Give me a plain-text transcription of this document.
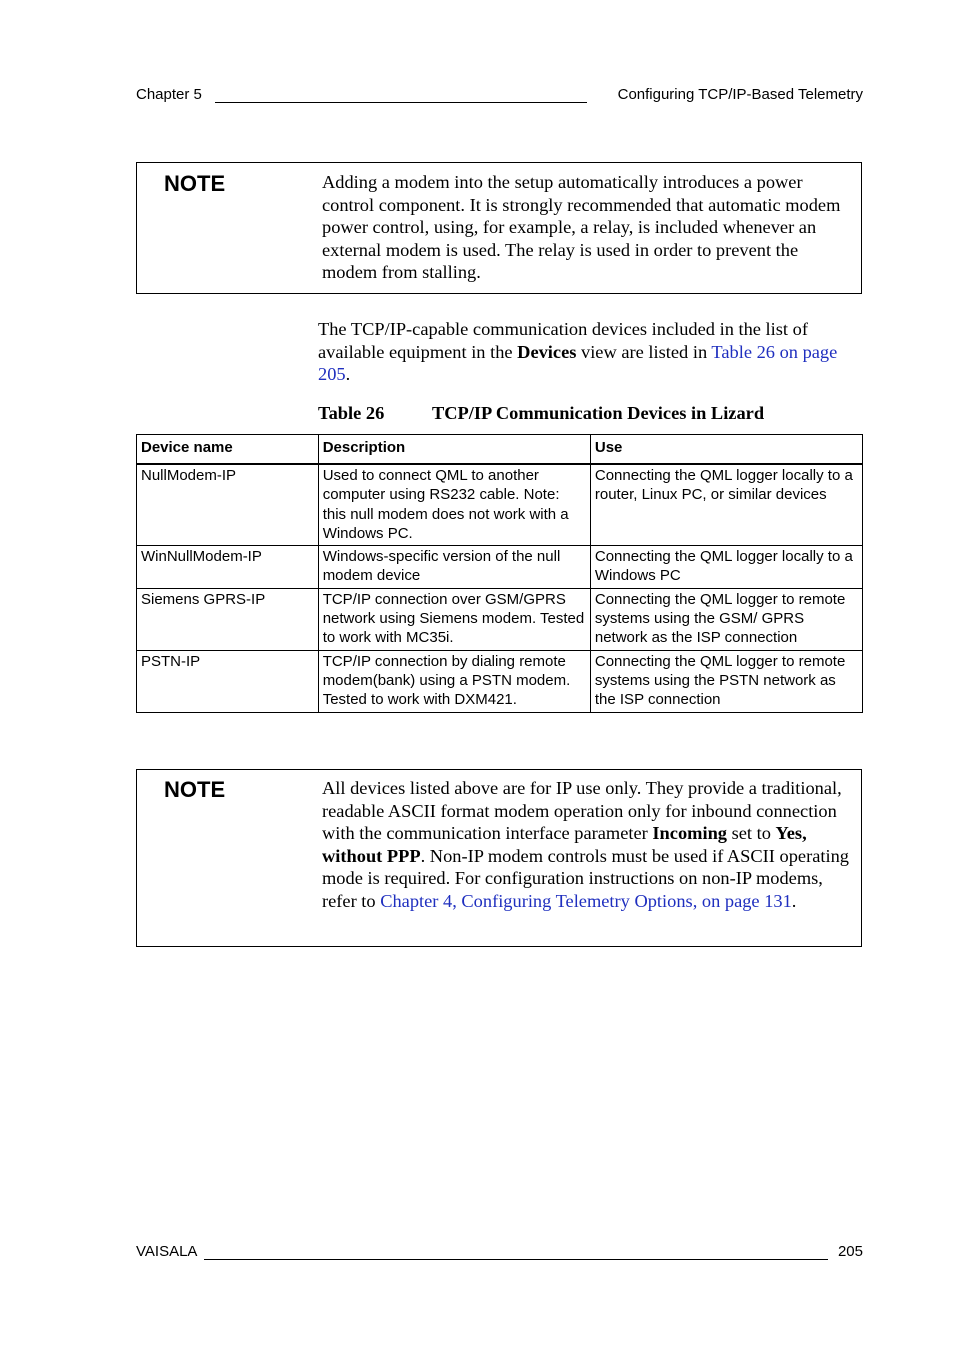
Chapter 5	Configuring TCP/IP-Based Telemetry
NOTE	Adding a modem into the setup automatically introduces a power control component. It is strongly recommended that automatic modem power control, using, for example, a relay, is included whenever an external modem is used. The relay is used in order to prevent the modem from stalling.
The TCP/IP-capable communication devices included in the list of available equipment in the Devices view are listed in Table 26 on page 205.
Table 26	TCP/IP Communication Devices in Lizard
Device name	Description	Use
NullModem-IP	Used to connect QML to another computer using RS232 cable. Note: this null modem does not work with a Windows PC.	Connecting the QML logger locally to a router, Linux PC, or similar devices
WinNullModem-IP	Windows-specific version of the null modem device	Connecting the QML logger locally to a Windows PC
Siemens GPRS-IP	TCP/IP connection over GSM/GPRS network using Siemens modem. Tested to work with MC35i.	Connecting the QML logger to remote systems using the GSM/ GPRS network as the ISP connection
PSTN-IP	TCP/IP connection by dialing remote modem(bank) using a PSTN modem. Tested to work with DXM421.	Connecting the QML logger to remote systems using the PSTN network as the ISP connection
NOTE	All devices listed above are for IP use only. They provide a traditional, readable ASCII format modem operation only for inbound connection with the communication interface parameter Incoming set to Yes, without PPP. Non-IP modem controls must be used if ASCII operating mode is required. For configuration instructions on non-IP modems, refer to Chapter 4, Configuring Telemetry Options, on page 131.
VAISALA	205
